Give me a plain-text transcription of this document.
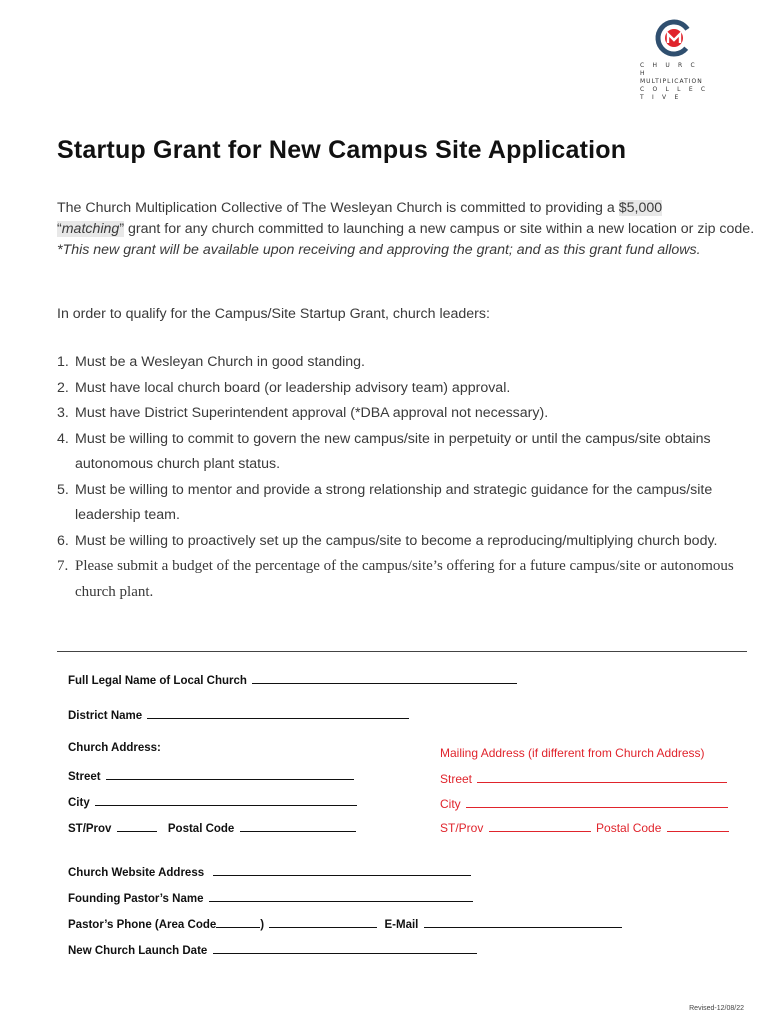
C H U R C H
MULTIPLICATION
C O L L E C T I V E
Startup Grant for New Campus Site Application

The Church Multiplication Collective of The Wesleyan Church is committed to providing a $5,000
“matching” grant for any church committed to launching a new campus or site within a new location or zip code. *This new grant will be available upon receiving and approving the grant; and as this grant fund allows.

In order to qualify for the Campus/Site Startup Grant, church leaders:

1. Must be a Wesleyan Church in good standing.
2. Must have local church board (or leadership advisory team) approval.
3. Must have District Superintendent approval (*DBA approval not necessary).
4. Must be willing to commit to govern the new campus/site in perpetuity or until the campus/site obtains autonomous church plant status.
5. Must be willing to mentor and provide a strong relationship and strategic guidance for the campus/site leadership team.
6. Must be willing to proactively set up the campus/site to become a reproducing/multiplying church body.
7. Please submit a budget of the percentage of the campus/site’s offering for a future campus/site or autonomous church plant.
Full Legal Name of Local Church
District Name
Church Address:	Mailing Address (if different from Church Address)
Street	Street
City	City
ST/Prov	Postal Code	ST/Prov	Postal Code
Church Website Address
Founding Pastor’s Name
Pastor’s Phone (Area Code	)	E-Mail
New Church Launch Date
Revised-12/08/22
